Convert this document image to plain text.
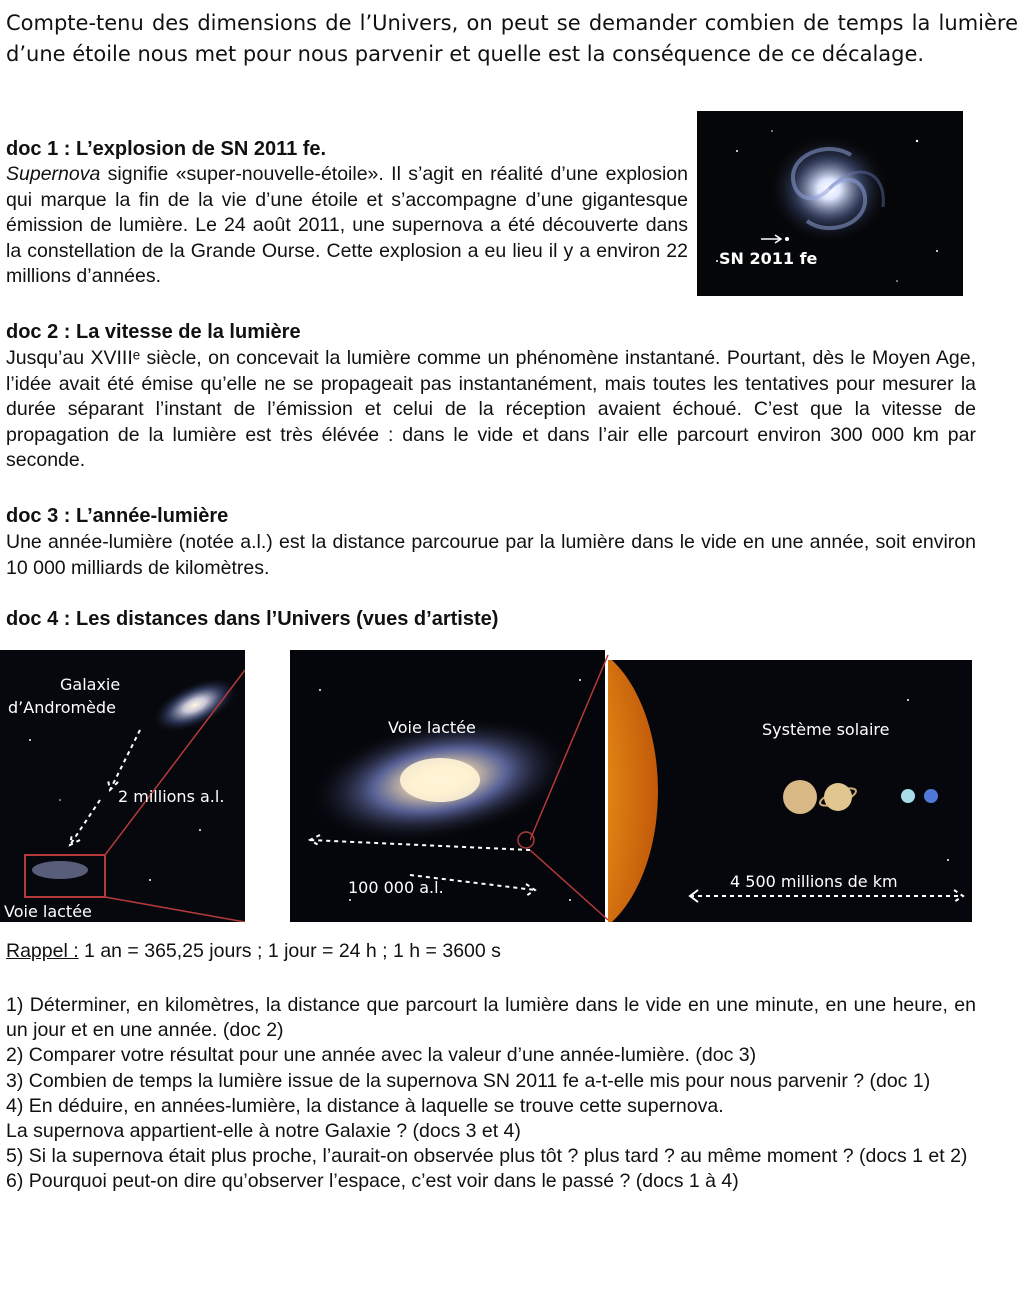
Compte-tenu des dimensions de l’Univers, on peut se demander combien de temps la lumière d’une étoile nous met pour nous parvenir et quelle est la conséquence de ce décalage.

doc 1 : L’explosion de SN 2011 fe.

Supernova signifie «super-nouvelle-étoile». Il s’agit en réalité d’une explosion qui marque la fin de la vie d’une étoile et s’accompagne d’une gigantesque émission de lumière. Le 24 août 2011, une supernova a été découverte dans la constellation de la Grande Ourse. Cette explosion a eu lieu il y a environ 22 millions d’années.

SN 2011 fe

doc 2 : La vitesse de la lumière

Jusqu’au XVIIIᵉ siècle, on concevait la lumière comme un phénomène instantané. Pourtant, dès le Moyen Age, l’idée avait été émise qu’elle ne se propageait pas instantanément, mais toutes les tentatives pour mesurer la durée séparant l’instant de l’émission et celui de la réception avaient échoué. C’est que la vitesse de propagation de la lumière est très élévée : dans le vide et dans l’air elle parcourt environ 300 000 km par seconde.

doc 3 : L’année-lumière

Une année-lumière (notée a.l.) est la distance parcourue par la lumière dans le vide en une année, soit environ 10 000 milliards de kilomètres.

doc 4 : Les distances dans l’Univers (vues d’artiste)

Galaxie
d’Andromède
2 millions a.l.
Voie lactée
Voie lactée
100 000 a.l.
Système solaire
4 500 millions de km
Rappel : 1 an = 365,25 jours ; 1 jour = 24 h ; 1 h = 3600 s

1) Déterminer, en kilomètres, la distance que parcourt la lumière dans le vide en une minute, en une heure, en un jour et en une année. (doc 2)

2) Comparer votre résultat pour une année avec la valeur d’une année-lumière. (doc 3)

3) Combien de temps la lumière issue de la supernova SN 2011 fe a-t-elle mis pour nous parvenir ? (doc 1)

4) En déduire, en années-lumière, la distance à laquelle se trouve cette supernova.

La supernova appartient-elle à notre Galaxie ? (docs 3 et 4)

5) Si la supernova était plus proche, l’aurait-on observée plus tôt ? plus tard ? au même moment ? (docs 1 et 2)

6) Pourquoi peut-on dire qu’observer l’espace, c’est voir dans le passé ? (docs 1 à 4)
